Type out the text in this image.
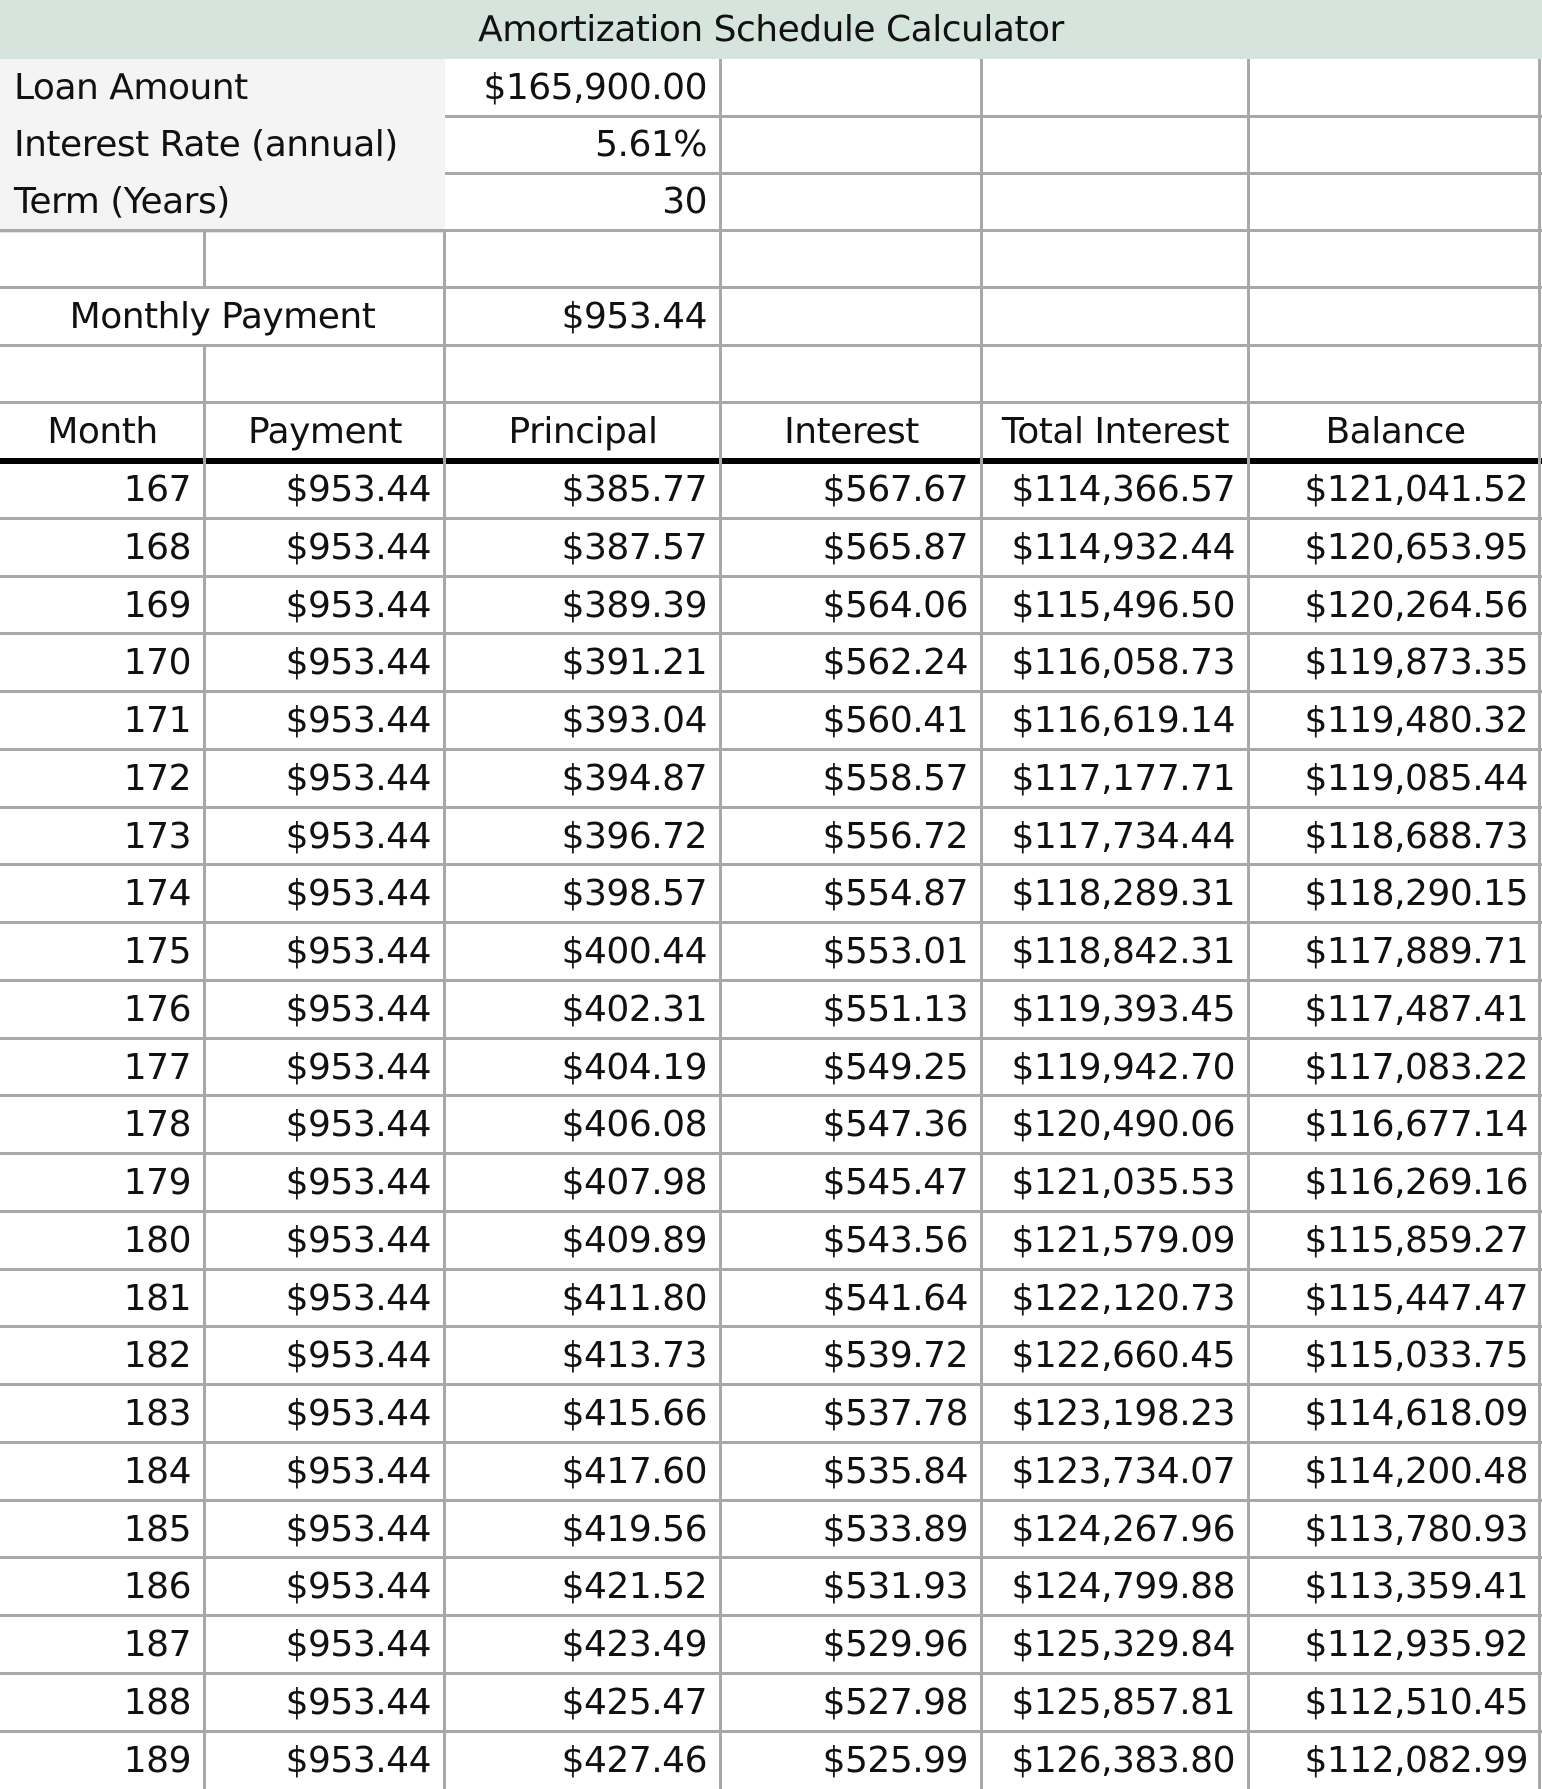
Amortization Schedule Calculator
Loan Amount	$165,900.00
Interest Rate (annual)	5.61%
Term (Years)	30
Monthly Payment	$953.44
Month	Payment	Principal	Interest	Total Interest	Balance
167	$953.44	$385.77	$567.67	$114,366.57	$121,041.52
168	$953.44	$387.57	$565.87	$114,932.44	$120,653.95
169	$953.44	$389.39	$564.06	$115,496.50	$120,264.56
170	$953.44	$391.21	$562.24	$116,058.73	$119,873.35
171	$953.44	$393.04	$560.41	$116,619.14	$119,480.32
172	$953.44	$394.87	$558.57	$117,177.71	$119,085.44
173	$953.44	$396.72	$556.72	$117,734.44	$118,688.73
174	$953.44	$398.57	$554.87	$118,289.31	$118,290.15
175	$953.44	$400.44	$553.01	$118,842.31	$117,889.71
176	$953.44	$402.31	$551.13	$119,393.45	$117,487.41
177	$953.44	$404.19	$549.25	$119,942.70	$117,083.22
178	$953.44	$406.08	$547.36	$120,490.06	$116,677.14
179	$953.44	$407.98	$545.47	$121,035.53	$116,269.16
180	$953.44	$409.89	$543.56	$121,579.09	$115,859.27
181	$953.44	$411.80	$541.64	$122,120.73	$115,447.47
182	$953.44	$413.73	$539.72	$122,660.45	$115,033.75
183	$953.44	$415.66	$537.78	$123,198.23	$114,618.09
184	$953.44	$417.60	$535.84	$123,734.07	$114,200.48
185	$953.44	$419.56	$533.89	$124,267.96	$113,780.93
186	$953.44	$421.52	$531.93	$124,799.88	$113,359.41
187	$953.44	$423.49	$529.96	$125,329.84	$112,935.92
188	$953.44	$425.47	$527.98	$125,857.81	$112,510.45
189	$953.44	$427.46	$525.99	$126,383.80	$112,082.99
